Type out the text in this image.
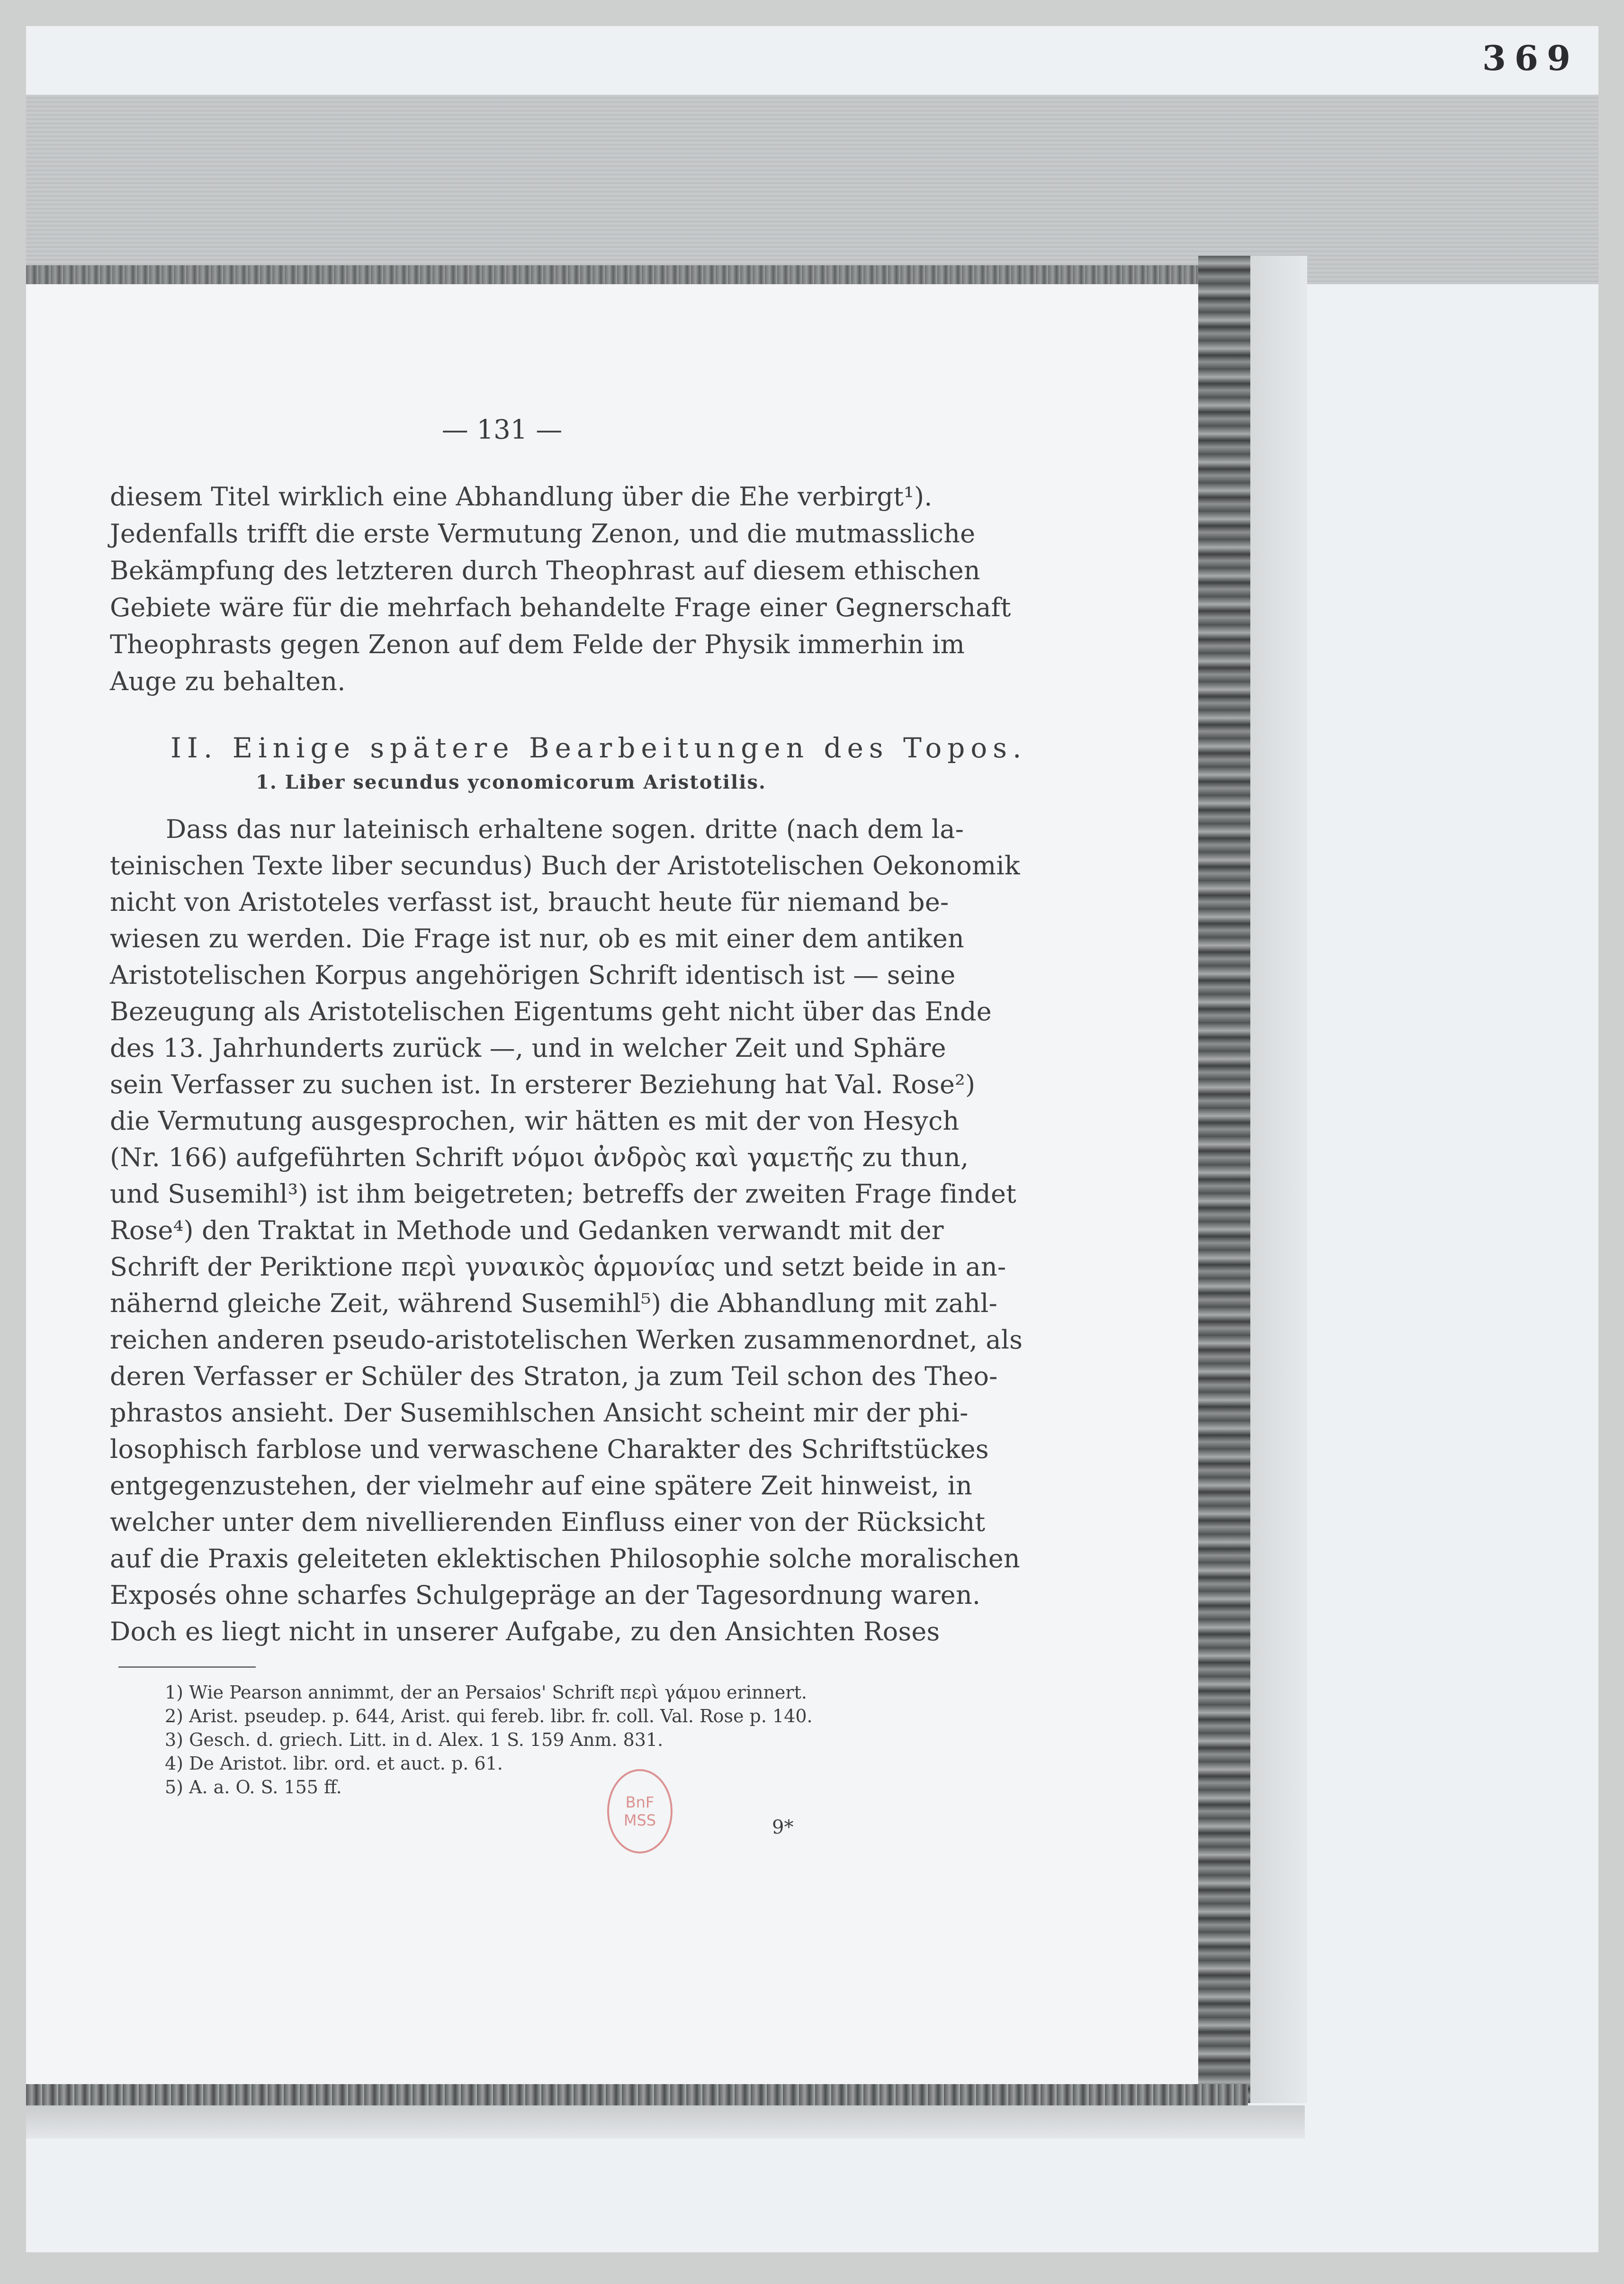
369
— 131 —
diesem Titel wirklich eine Abhandlung über die Ehe verbirgt¹).
Jedenfalls trifft die erste Vermutung Zenon, und die mutmassliche
Bekämpfung des letzteren durch Theophrast auf diesem ethischen
Gebiete wäre für die mehrfach behandelte Frage einer Gegnerschaft
Theophrasts gegen Zenon auf dem Felde der Physik immerhin im
Auge zu behalten.
II. Einige spätere Bearbeitungen des Topos.
1. Liber secundus yconomicorum Aristotilis.
Dass das nur lateinisch erhaltene sogen. dritte (nach dem la-
teinischen Texte liber secundus) Buch der Aristotelischen Oekonomik
nicht von Aristoteles verfasst ist, braucht heute für niemand be-
wiesen zu werden. Die Frage ist nur, ob es mit einer dem antiken
Aristotelischen Korpus angehörigen Schrift identisch ist — seine
Bezeugung als Aristotelischen Eigentums geht nicht über das Ende
des 13. Jahrhunderts zurück —, und in welcher Zeit und Sphäre
sein Verfasser zu suchen ist. In ersterer Beziehung hat Val. Rose²)
die Vermutung ausgesprochen, wir hätten es mit der von Hesych
(Nr. 166) aufgeführten Schrift νόμοι ἀνδρὸς καὶ γαμετῆς zu thun,
und Susemihl³) ist ihm beigetreten; betreffs der zweiten Frage findet
Rose⁴) den Traktat in Methode und Gedanken verwandt mit der
Schrift der Periktione περὶ γυναικὸς ἁρμονίας und setzt beide in an-
nähernd gleiche Zeit, während Susemihl⁵) die Abhandlung mit zahl-
reichen anderen pseudo-aristotelischen Werken zusammenordnet, als
deren Verfasser er Schüler des Straton, ja zum Teil schon des Theo-
phrastos ansieht. Der Susemihlschen Ansicht scheint mir der phi-
losophisch farblose und verwaschene Charakter des Schriftstückes
entgegenzustehen, der vielmehr auf eine spätere Zeit hinweist, in
welcher unter dem nivellierenden Einfluss einer von der Rücksicht
auf die Praxis geleiteten eklektischen Philosophie solche moralischen
Exposés ohne scharfes Schulgepräge an der Tagesordnung waren.
Doch es liegt nicht in unserer Aufgabe, zu den Ansichten Roses
1) Wie Pearson annimmt, der an Persaios' Schrift περὶ γάμου erinnert.
2) Arist. pseudep. p. 644, Arist. qui fereb. libr. fr. coll. Val. Rose p. 140.
3) Gesch. d. griech. Litt. in d. Alex. 1 S. 159 Anm. 831.
4) De Aristot. libr. ord. et auct. p. 61.
5) A. a. O. S. 155 ff.
BnF
MSS	9*
